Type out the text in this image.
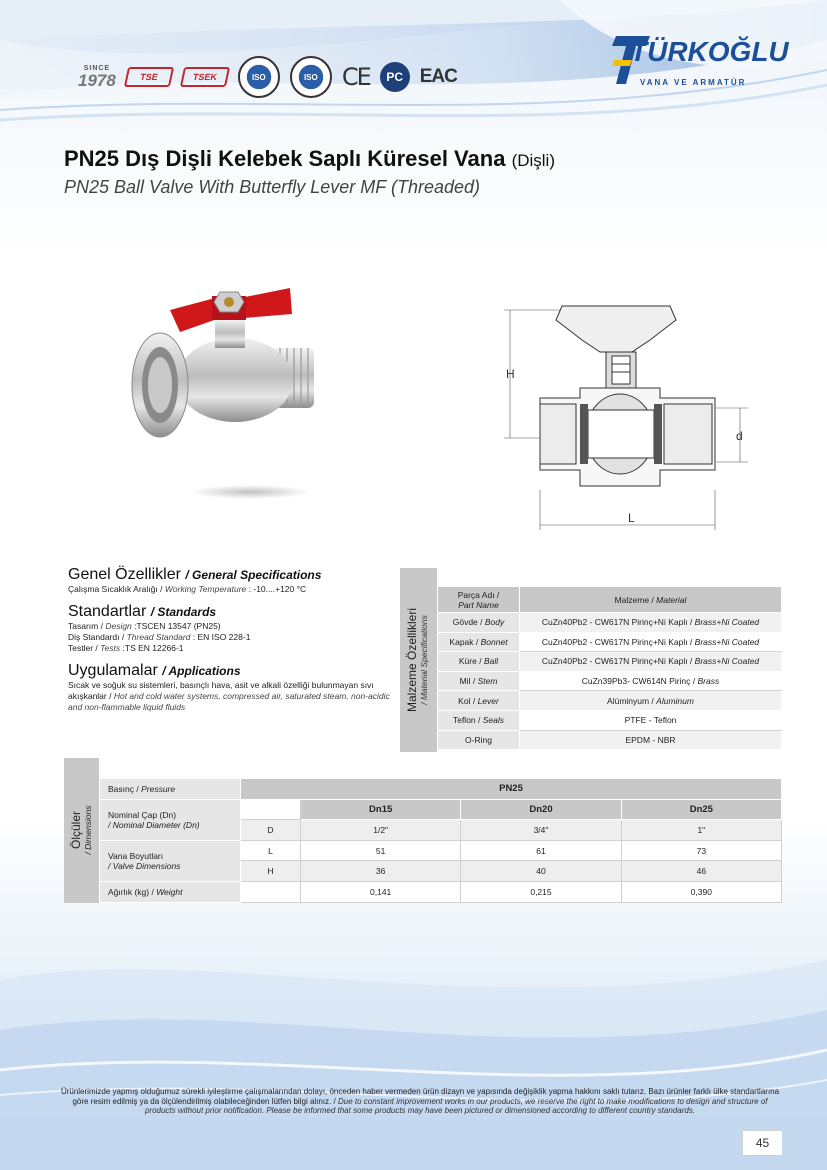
SINCE
1978	TSE	TSEK	ISO	ISO CE PC EAC
TÜRKOĞLU
VANA VE ARMATÜR
PN25 Dış Dişli Kelebek Saplı Küresel Vana (Dişli)
PN25 Ball Valve With Butterfly Lever MF (Threaded)
H
d
L
Genel Özellikler / General Specifications
Çalışma Sıcaklık Aralığı / Working Temperature : -10....+120 °C
Standartlar / Standards
Tasarım / Design :TSCEN 13547 (PN25)
Diş Standardı / Thread Standard : EN ISO 228-1
Testler / Tests :TS EN 12266-1
Uygulamalar / Applications
Sıcak ve soğuk su sistemleri, basınçlı hava, asit ve alkali özelliği bulunmayan sıvı akışkanlar / Hot and cold water systems, compressed air, saturated steam, non-acidic and non-flammable liquid fluids	Malzeme Özellikleri / Material Specifications
Parça Adı /
Part Name	Malzeme / Material
Gövde / Body	CuZn40Pb2 - CW617N Pirinç+Ni Kaplı / Brass+Ni Coated
Kapak / Bonnet	CuZn40Pb2 - CW617N Pirinç+Ni Kaplı / Brass+Ni Coated
Küre / Ball	CuZn40Pb2 - CW617N Pirinç+Ni Kaplı / Brass+Ni Coated
Mil / Stem	CuZn39Pb3- CW614N Pirinç / Brass
Kol / Lever	Alüminyum / Aluminum
Teflon / Seals	PTFE - Teflon
O-Ring	EPDM - NBR
Ölçüler / Dimensions
Basınç / Pressure	PN25			
Nominal Çap (Dn)
/ Nominal Diameter (Dn)		Dn15	Dn20	Dn25
	D	1/2"	3/4"	1"
Vana Boyutları
/ Valve Dimensions	L	51	61	73
	H	36	40	46
Ağırlık (kg) / Weight		0,141	0,215	0,390
Ürünlerimizde yapmış olduğumuz sürekli iyileştirme çalışmalarından dolayı, önceden haber vermeden ürün dizayn ve yapısında değişiklik yapma hakkını saklı tutarız. Bazı ürünler farklı ülke standartlarına göre resim edilmiş ya da ölçülendirilmiş olabileceğinden lütfen bilgi alınız. / Due to constant improvement works in our products, we reserve the right to make modifications to design and structure of products without prior notification. Please be informed that some products may have been pictured or dimensioned according to different country standards.
45
